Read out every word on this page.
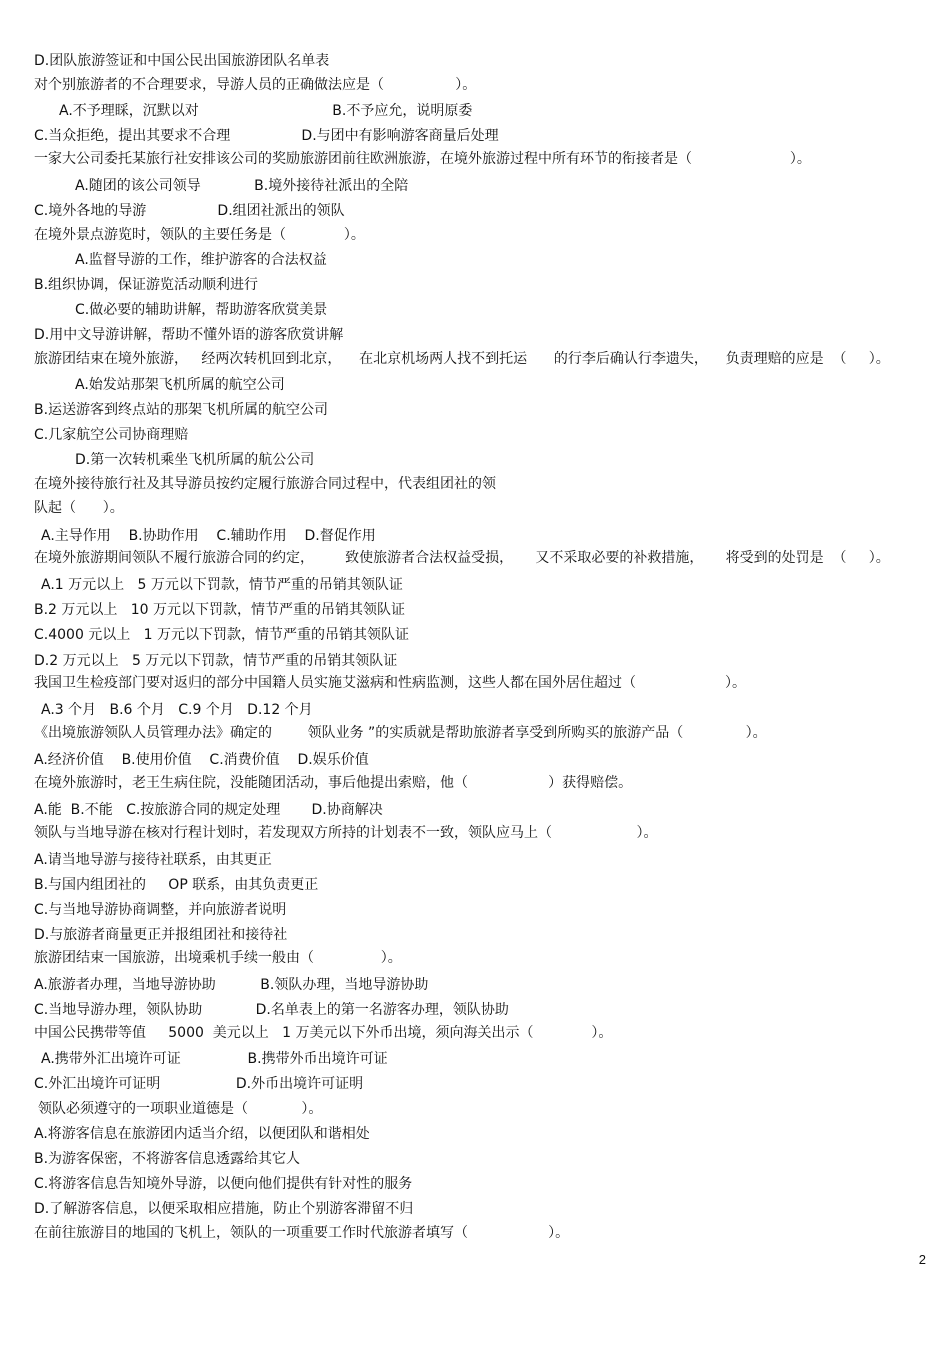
D.团队旅游签证和中国公民出国旅游团队名单表
对个别旅游者的不合理要求，导游人员的正确做法应是（                ）。
A.不予理睬，沉默以对                              B.不予应允，说明原委
C.当众拒绝，提出其要求不合理                D.与团中有影响游客商量后处理
一家大公司委托某旅行社安排该公司的奖励旅游团前往欧洲旅游，在境外旅游过程中所有环节的衔接者是（                      ）。
A.随团的该公司领导            B.境外接待社派出的全陪
C.境外各地的导游                D.组团社派出的领队
在境外景点游览时，领队的主要任务是（             ）。
A.监督导游的工作，维护游客的合法权益
B.组织协调，保证游览活动顺利进行
C.做必要的辅助讲解，帮助游客欣赏美景
D.用中文导游讲解，帮助不懂外语的游客欣赏讲解
旅游团结束在境外旅游，   经两次转机回到北京，    在北京机场两人找不到托运      的行李后确认行李遗失，    负责理赔的应是  （     ）。
A.始发站那架飞机所属的航空公司
B.运送游客到终点站的那架飞机所属的航空公司
C.几家航空公司协商理赔
D.第一次转机乘坐飞机所属的航公公司
在境外接待旅行社及其导游员按约定履行旅游合同过程中，代表组团社的领
队起（      ）。
A.主导作用    B.协助作用    C.辅助作用    D.督促作用
在境外旅游期间领队不履行旅游合同的约定，       致使旅游者合法权益受损，     又不采取必要的补救措施，     将受到的处罚是  （     ）。
A.1 万元以上   5 万元以下罚款，情节严重的吊销其领队证
B.2 万元以上   10 万元以下罚款，情节严重的吊销其领队证
C.4000 元以上   1 万元以下罚款，情节严重的吊销其领队证
D.2 万元以上   5 万元以下罚款，情节严重的吊销其领队证
我国卫生检疫部门要对返归的部分中国籍人员实施艾滋病和性病监测，这些人都在国外居住超过（                    ）。
A.3 个月   B.6 个月   C.9 个月   D.12 个月
《出境旅游领队人员管理办法》确定的        领队业务 ”的实质就是帮助旅游者享受到所购买的旅游产品（              ）。
A.经济价值    B.使用价值    C.消费价值    D.娱乐价值
在境外旅游时，老王生病住院，没能随团活动，事后他提出索赔，他（                  ）获得赔偿。
A.能  B.不能   C.按旅游合同的规定处理       D.协商解决
领队与当地导游在核对行程计划时，若发现双方所持的计划表不一致，领队应马上（                   ）。
A.请当地导游与接待社联系，由其更正
B.与国内组团社的     OP 联系，由其负责更正
C.与当地导游协商调整，并向旅游者说明
D.与旅游者商量更正并报组团社和接待社
旅游团结束一国旅游，出境乘机手续一般由（               ）。
A.旅游者办理，当地导游协助          B.领队办理，当地导游协助
C.当地导游办理，领队协助            D.名单表上的第一名游客办理，领队协助
中国公民携带等值     5000  美元以上   1 万美元以下外币出境，须向海关出示（             ）。
A.携带外汇出境许可证               B.携带外币出境许可证
C.外汇出境许可证明                 D.外币出境许可证明
领队必须遵守的一项职业道德是（            ）。
A.将游客信息在旅游团内适当介绍，以便团队和谐相处
B.为游客保密，不将游客信息透露给其它人
C.将游客信息告知境外导游，以便向他们提供有针对性的服务
D.了解游客信息，以便采取相应措施，防止个别游客滞留不归
在前往旅游目的地国的飞机上，领队的一项重要工作时代旅游者填写（                  ）。
2
